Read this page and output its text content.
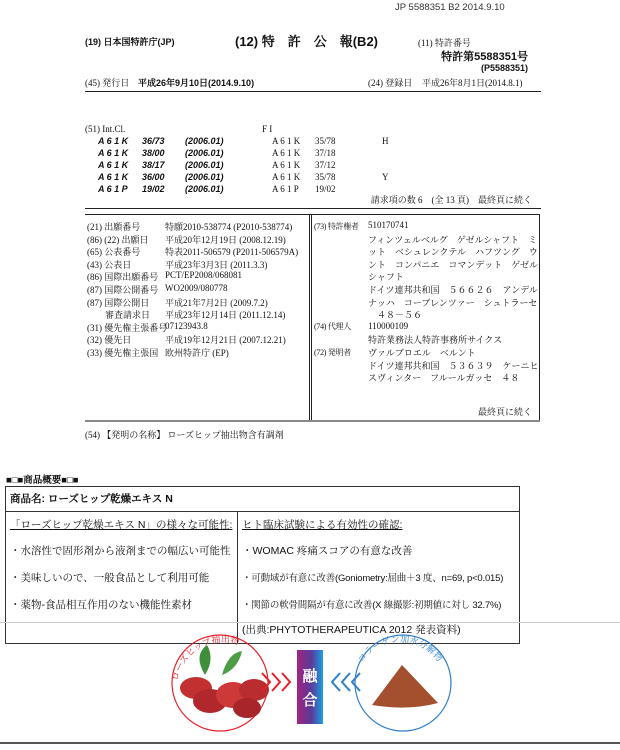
JP 5588351 B2 2014.9.10
(19) 日本国特許庁(JP)	(12) 特　許　公　報(B2)	(11) 特許番号
特許第5588351号
(P5588351)
(45) 発行日 平成26年9月10日(2014.9.10)	(24) 登録日 平成26年8月1日(2014.8.1)
(51) Int.Cl.	F I
A 6 1 K 36/73 (2006.01)	A 6 1 K 35/78	H
A 6 1 K 38/00 (2006.01)	A 6 1 K 37/18
A 6 1 K 38/17 (2006.01)	A 6 1 K 37/12
A 6 1 K 36/00 (2006.01)	A 6 1 K 35/78	Y
A 6 1 P 19/02 (2006.01)	A 6 1 P 19/02
請求項の数 6　(全 13 頁)　最終頁に続く
(21) 出願番号	特願2010-538774 (P2010-538774)
(86) (22) 出願日 平成20年12月19日 (2008.12.19)
(65) 公表番号	特表2011-506579 (P2011-506579A)
(43) 公表日	平成23年3月3日 (2011.3.3)
(86) 国際出願番号 PCT/EP2008/068081
(87) 国際公開番号 WO2009/080778
(87) 国際公開日 平成21年7月2日 (2009.7.2)
　　審査請求日 平成23年12月14日 (2011.12.14)
(31) 優先権主張番号
07123943.8
(32) 優先日	平成19年12月21日 (2007.12.21)
(33) 優先権主張国 欧州特許庁 (EP)
(73) 特許権者 510170741
フィンツェルベルグ　ゲゼルシャフト　ミ
ット　ベシュレンクテル　ハフツング　ウ
ント　コンパニエ　コマンデット　ゲゼル
シャフト
ドイツ連邦共和国　５６６２６　アンデル
ナッハ　コーブレンツァー　シュトラーセ
　４８－５６
(74) 代理人 110000109
特許業務法人特許事務所サイクス
(72) 発明者 ヴァルブロエル　ベルント
ドイツ連邦共和国　５３６３９　ケーニヒ
スヴィンター　フルールガッセ　４８
最終頁に続く
(54) 【発明の名称】 ローズヒップ抽出物含有調剤
■□■商品概要■□■
商品名: ローズヒップ乾燥エキス N

「ローズヒップ乾燥エキス N」の様々な可能性:
・水溶性で固形剤から液剤までの幅広い可能性
・美味しいので、一般食品として利用可能
・薬物-食品相互作用のない機能性素材

ヒト臨床試験による有効性の確認:
・WOMAC 疼痛スコアの有意な改善
・可動域が有意に改善(Goniometry:屈曲＋3 度、n=69, p<0.015)
・関節の軟骨間隔が有意に改善(X 線撮影:初期値に対し 32.7%)
(出典:PHYTOTHERAPEUTICA 2012 発表資料)
ローズヒップ抽出物
コラーゲン加水分解物
融
合
